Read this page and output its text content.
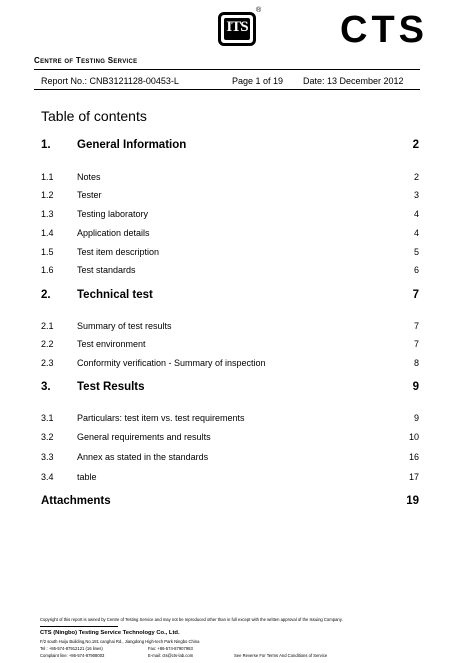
ITS
® CTS
Centre of Testing Service
Report No.: CNB3121128-00453-L	Page 1 of 19 Date: 13 December 2012
Table of contents
1. General Information	2
1.1	Notes	2
1.2	Tester	3
1.3	Testing laboratory	4
1.4	Application details	4
1.5	Test item description	5
1.6	Test standards	6
2. Technical test	7
2.1	Summary of test results	7
2.2	Test environment	7
2.3	Conformity verification - Summary of inspection	8
3. Test Results	9
3.1	Particulars: test item vs. test requirements	9
3.2	General requirements and results	10
3.3	Annex as stated in the standards	16
3.4	table	17
Attachments	19
Copyright of this report is owned by Centre of Testing Service and may not be reproduced other than in full except with the written approval of the Issuing Company.
CTS (Ningbo) Testing Service Technology Co., Ltd.
F/2 south Huiju Building,No.181 canghai Rd., Jiangdong High-tech Park Ningbo China
Tel : +86-574-87912121 (16 lines)	Fax: +86-574-87907983
Complaint line: +86-574-87908003	E-mail: cts@cts-lab.com	See Reverse For Terms And Conditions of Service
